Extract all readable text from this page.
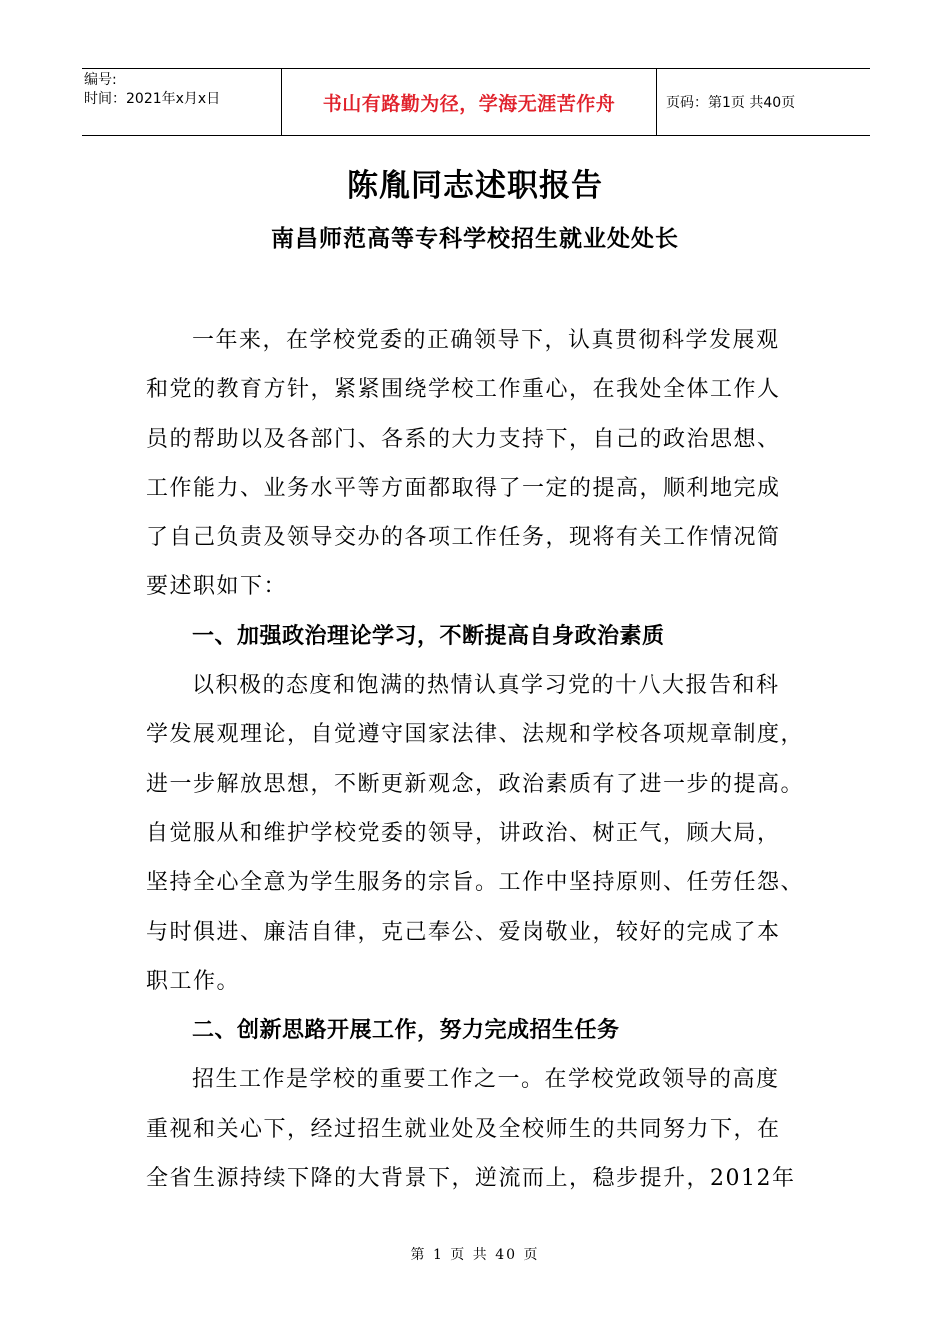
编号:
时间：2021年x月x日	书山有路勤为径，学海无涯苦作舟	页码：第1页 共40页
陈胤同志述职报告
南昌师范高等专科学校招生就业处处长
一年来，在学校党委的正确领导下，认真贯彻科学发展观
和党的教育方针，紧紧围绕学校工作重心，在我处全体工作人
员的帮助以及各部门、各系的大力支持下，自己的政治思想、
工作能力、业务水平等方面都取得了一定的提高，顺利地完成
了自己负责及领导交办的各项工作任务，现将有关工作情况简
要述职如下：
一、加强政治理论学习，不断提高自身政治素质
以积极的态度和饱满的热情认真学习党的十八大报告和科
学发展观理论，自觉遵守国家法律、法规和学校各项规章制度，
进一步解放思想，不断更新观念，政治素质有了进一步的提高。
自觉服从和维护学校党委的领导，讲政治、树正气，顾大局，
坚持全心全意为学生服务的宗旨。工作中坚持原则、任劳任怨、
与时俱进、廉洁自律，克己奉公、爱岗敬业，较好的完成了本
职工作。
二、创新思路开展工作，努力完成招生任务
招生工作是学校的重要工作之一。在学校党政领导的高度
重视和关心下，经过招生就业处及全校师生的共同努力下，在
全省生源持续下降的大背景下，逆流而上，稳步提升，2012年
第 1 页 共 40 页
